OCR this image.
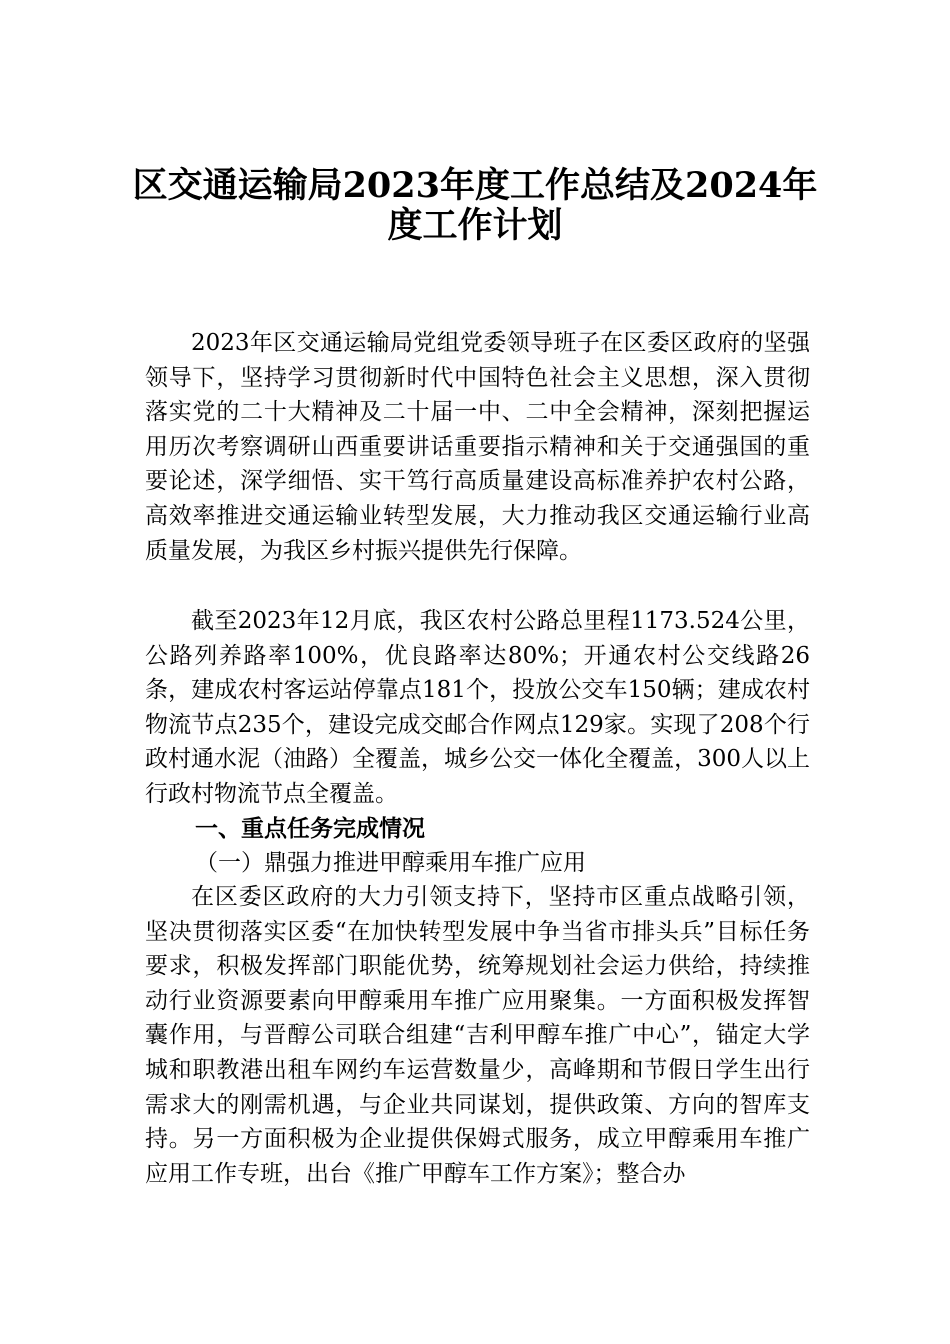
区交通运输局2023年度工作总结及2024年
度工作计划

2023年区交通运输局党组党委领导班子在区委区政府的坚强领导下，坚持学习贯彻新时代中国特色社会主义思想，深入贯彻落实党的二十大精神及二十届一中、二中全会精神，深刻把握运用历次考察调研山西重要讲话重要指示精神和关于交通强国的重要论述，深学细悟、实干笃行高质量建设高标准养护农村公路，高效率推进交通运输业转型发展，大力推动我区交通运输行业高质量发展，为我区乡村振兴提供先行保障。

截至2023年12月底，我区农村公路总里程1173.524公里，公路列养路率100%，优良路率达80%；开通农村公交线路26条，建成农村客运站停靠点181个，投放公交车150辆；建成农村物流节点235个，建设完成交邮合作网点129家。实现了208个行政村通水泥（油路）全覆盖，城乡公交一体化全覆盖，300人以上行政村物流节点全覆盖。

一、重点任务完成情况
（一）鼎强力推进甲醇乘用车推广应用

在区委区政府的大力引领支持下，坚持市区重点战略引领，坚决贯彻落实区委“在加快转型发展中争当省市排头兵”目标任务要求，积极发挥部门职能优势，统筹规划社会运力供给，持续推动行业资源要素向甲醇乘用车推广应用聚集。一方面积极发挥智囊作用，与晋醇公司联合组建“吉利甲醇车推广中心”，锚定大学城和职教港出租车网约车运营数量少，高峰期和节假日学生出行需求大的刚需机遇，与企业共同谋划，提供政策、方向的智库支持。另一方面积极为企业提供保姆式服务，成立甲醇乘用车推广应用工作专班，出台《推广甲醇车工作方案》；整合办
